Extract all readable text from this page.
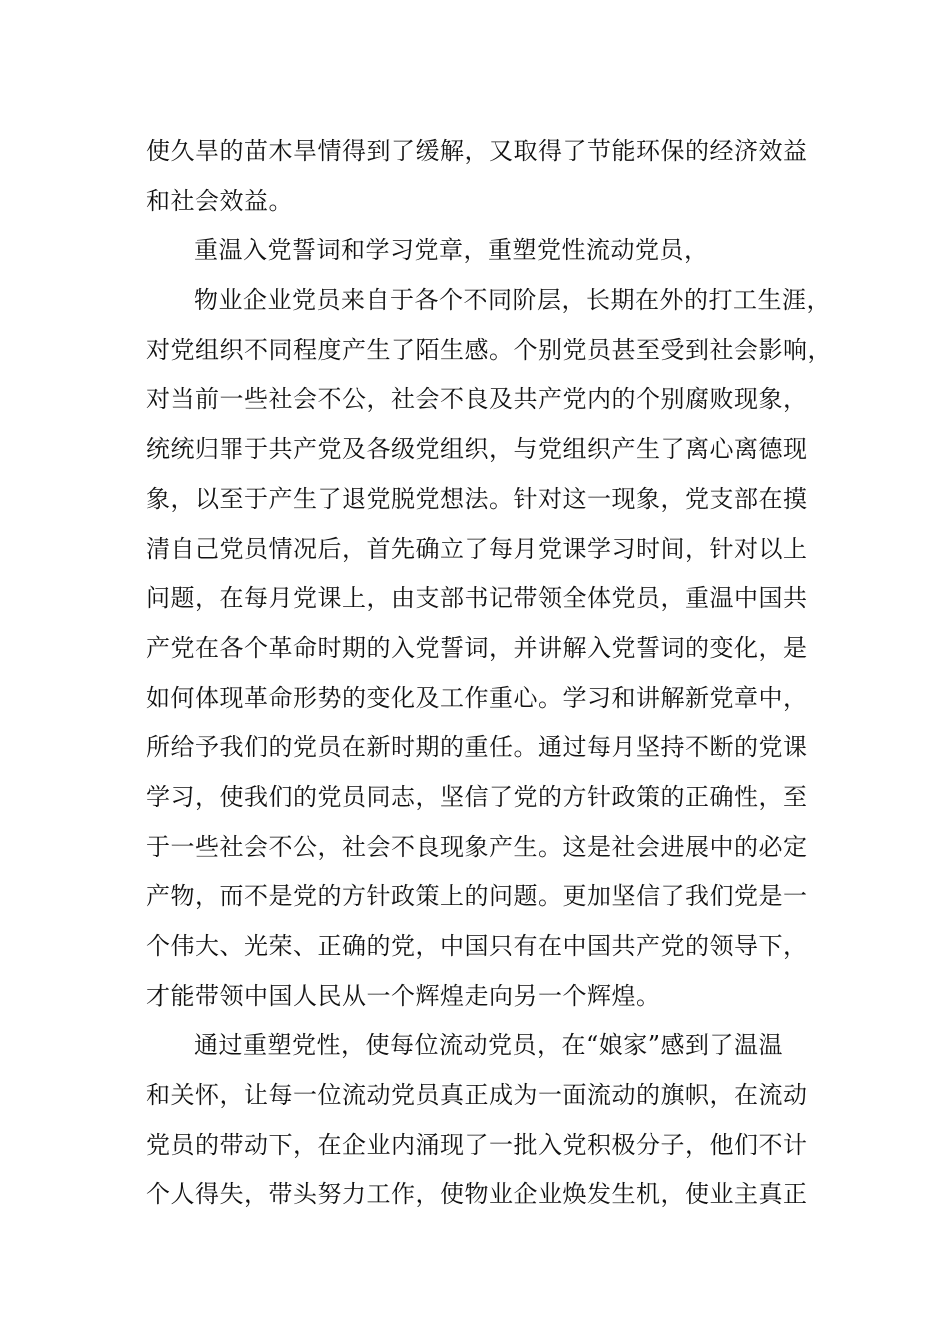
使久旱的苗木旱情得到了缓解，又取得了节能环保的经济效益
和社会效益。
重温入党誓词和学习党章，重塑党性流动党员，
物业企业党员来自于各个不同阶层，长期在外的打工生涯，
对党组织不同程度产生了陌生感。个别党员甚至受到社会影响，
对当前一些社会不公，社会不良及共产党内的个别腐败现象，
统统归罪于共产党及各级党组织，与党组织产生了离心离德现
象，以至于产生了退党脱党想法。针对这一现象，党支部在摸
清自己党员情况后，首先确立了每月党课学习时间，针对以上
问题，在每月党课上，由支部书记带领全体党员，重温中国共
产党在各个革命时期的入党誓词，并讲解入党誓词的变化，是
如何体现革命形势的变化及工作重心。学习和讲解新党章中，
所给予我们的党员在新时期的重任。通过每月坚持不断的党课
学习，使我们的党员同志，坚信了党的方针政策的正确性，至
于一些社会不公，社会不良现象产生。这是社会进展中的必定
产物，而不是党的方针政策上的问题。更加坚信了我们党是一
个伟大、光荣、正确的党，中国只有在中国共产党的领导下，
才能带领中国人民从一个辉煌走向另一个辉煌。
通过重塑党性，使每位流动党员，在“娘家”感到了温温
和关怀，让每一位流动党员真正成为一面流动的旗帜，在流动
党员的带动下，在企业内涌现了一批入党积极分子，他们不计
个人得失，带头努力工作，使物业企业焕发生机，使业主真正
